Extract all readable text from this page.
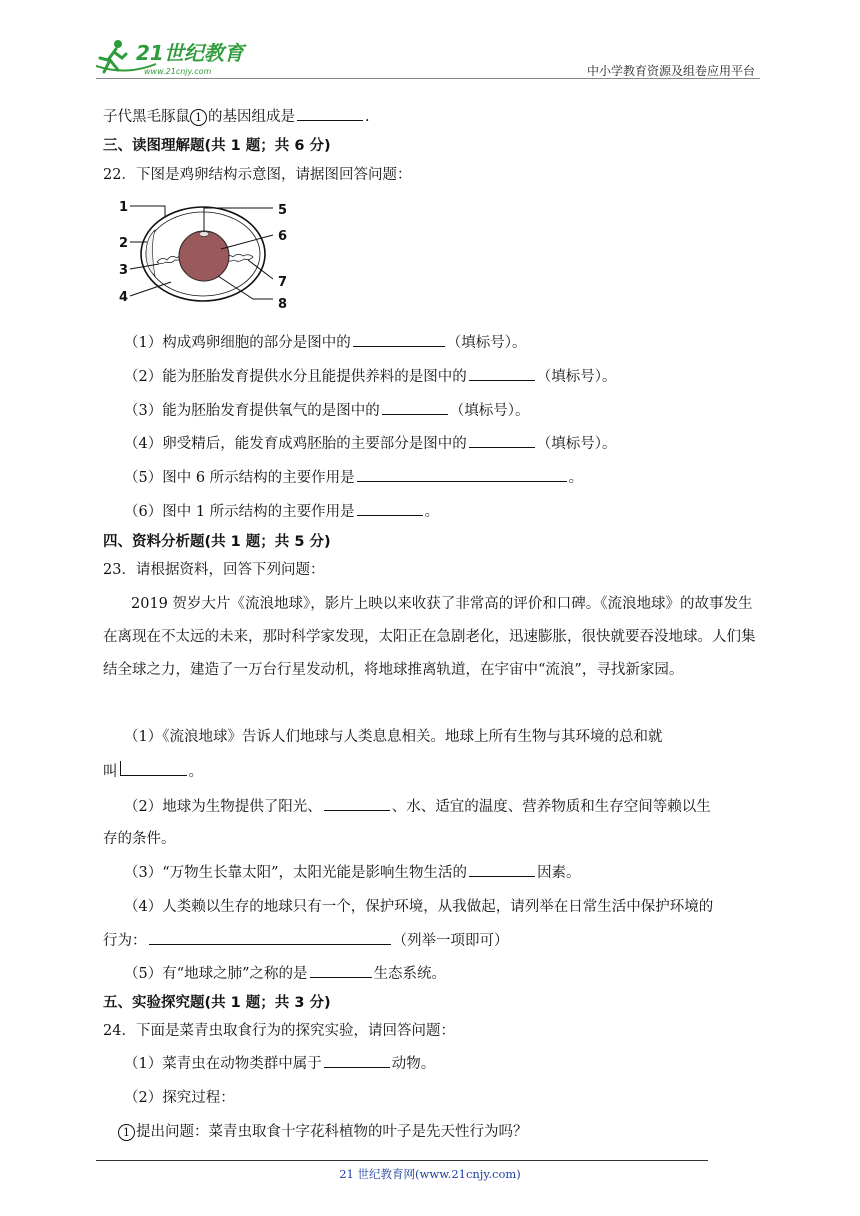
21世纪教育
www.21cnjy.com	中小学教育资源及组卷应用平台
子代黑毛豚鼠 1 的基因组成是	.
三、读图理解题(共 1 题；共 6 分)
22．下图是鸡卵结构示意图，请据图回答问题：
1
2
3
4
5
6
7
8
（1）构成鸡卵细胞的部分是图中的	（填标号）。
（2）能为胚胎发育提供水分且能提供养料的是图中的	（填标号）。
（3）能为胚胎发育提供氧气的是图中的	（填标号）。
（4）卵受精后，能发育成鸡胚胎的主要部分是图中的	（填标号）。
（5）图中 6 所示结构的主要作用是	。
（6）图中 1 所示结构的主要作用是	。
四、资料分析题(共 1 题；共 5 分)
23．请根据资料，回答下列问题：
2019 贺岁大片《流浪地球》，影片上映以来收获了非常高的评价和口碑。《流浪地球》的故事发生在离现在不太远的未来，那时科学家发现，太阳正在急剧老化，迅速膨胀，很快就要吞没地球。人们集结全球之力，建造了一万台行星发动机，将地球推离轨道，在宇宙中“流浪”，寻找新家园。
（1）《流浪地球》告诉人们地球与人类息息相关。地球上所有生物与其环境的总和就
叫	。
（2）地球为生物提供了阳光、	、水、适宜的温度、营养物质和生存空间等赖以生
存的条件。
（3）“万物生长靠太阳”，太阳光能是影响生物生活的	因素。
（4）人类赖以生存的地球只有一个，保护环境，从我做起，请列举在日常生活中保护环境的
行为：	（列举一项即可）
（5）有“地球之肺”之称的是	生态系统。
五、实验探究题(共 1 题；共 3 分)
24．下面是菜青虫取食行为的探究实验，请回答问题：
（1）菜青虫在动物类群中属于	动物。
（2）探究过程：
1 提出问题：菜青虫取食十字花科植物的叶子是先天性行为吗？
21 世纪教育网(www.21cnjy.com)
